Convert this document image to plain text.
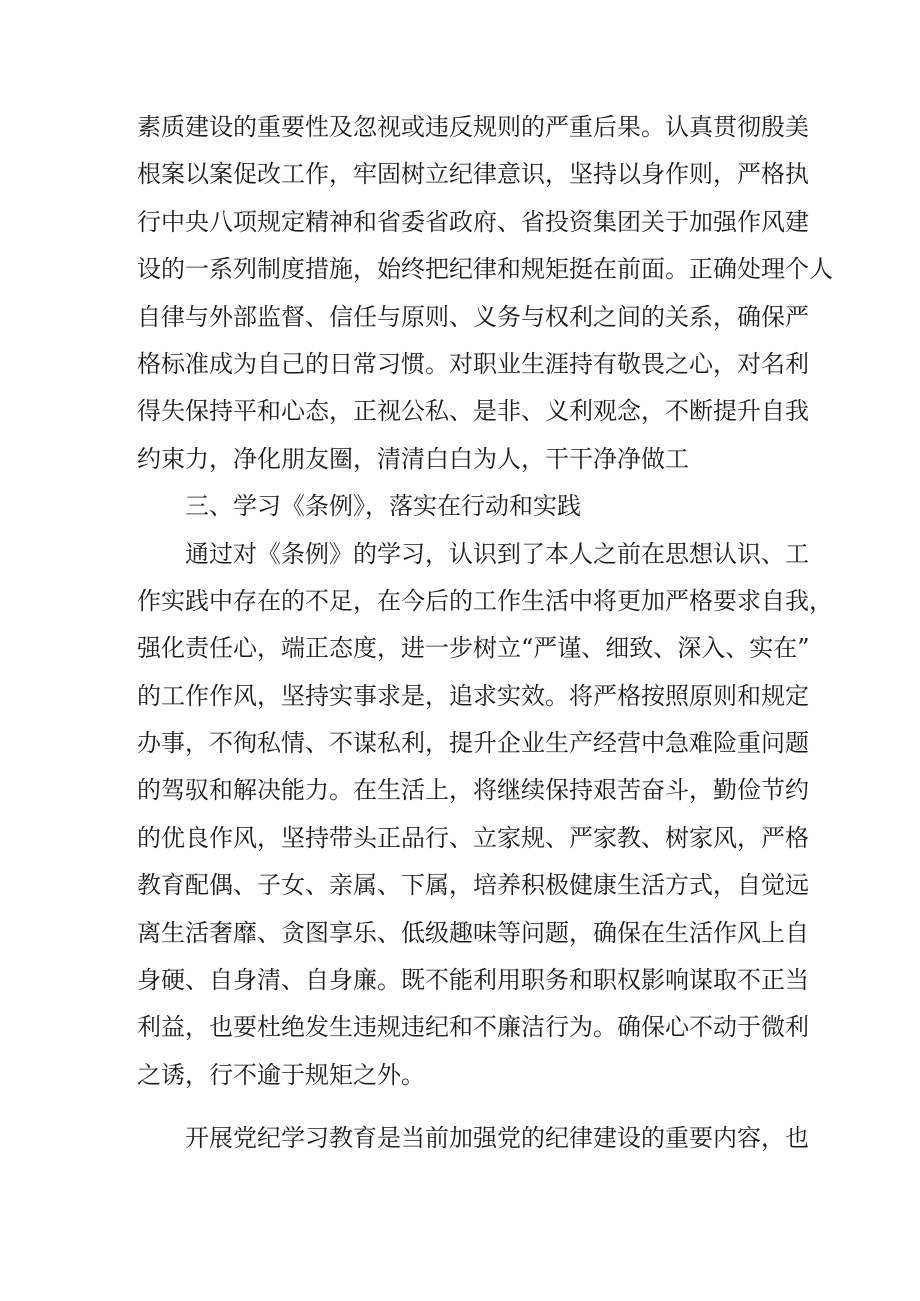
素质建设的重要性及忽视或违反规则的严重后果。认真贯彻殷美
根案以案促改工作，牢固树立纪律意识，坚持以身作则，严格执
行中央八项规定精神和省委省政府、省投资集团关于加强作风建
设的一系列制度措施，始终把纪律和规矩挺在前面。正确处理个人
自律与外部监督、信任与原则、义务与权利之间的关系，确保严
格标准成为自己的日常习惯。对职业生涯持有敬畏之心，对名利
得失保持平和心态，正视公私、是非、义利观念，不断提升自我
约束力，净化朋友圈，清清白白为人，干干净净做工
三、学习《条例》，落实在行动和实践
通过对《条例》的学习，认识到了本人之前在思想认识、工
作实践中存在的不足，在今后的工作生活中将更加严格要求自我，
强化责任心，端正态度，进一步树立“严谨、细致、深入、实在”
的工作作风，坚持实事求是，追求实效。将严格按照原则和规定
办事，不徇私情、不谋私利，提升企业生产经营中急难险重问题
的驾驭和解决能力。在生活上，将继续保持艰苦奋斗，勤俭节约
的优良作风，坚持带头正品行、立家规、严家教、树家风，严格
教育配偶、子女、亲属、下属，培养积极健康生活方式，自觉远
离生活奢靡、贪图享乐、低级趣味等问题，确保在生活作风上自
身硬、自身清、自身廉。既不能利用职务和职权影响谋取不正当
利益，也要杜绝发生违规违纪和不廉洁行为。确保心不动于微利
之诱，行不逾于规矩之外。
开展党纪学习教育是当前加强党的纪律建设的重要内容，也
